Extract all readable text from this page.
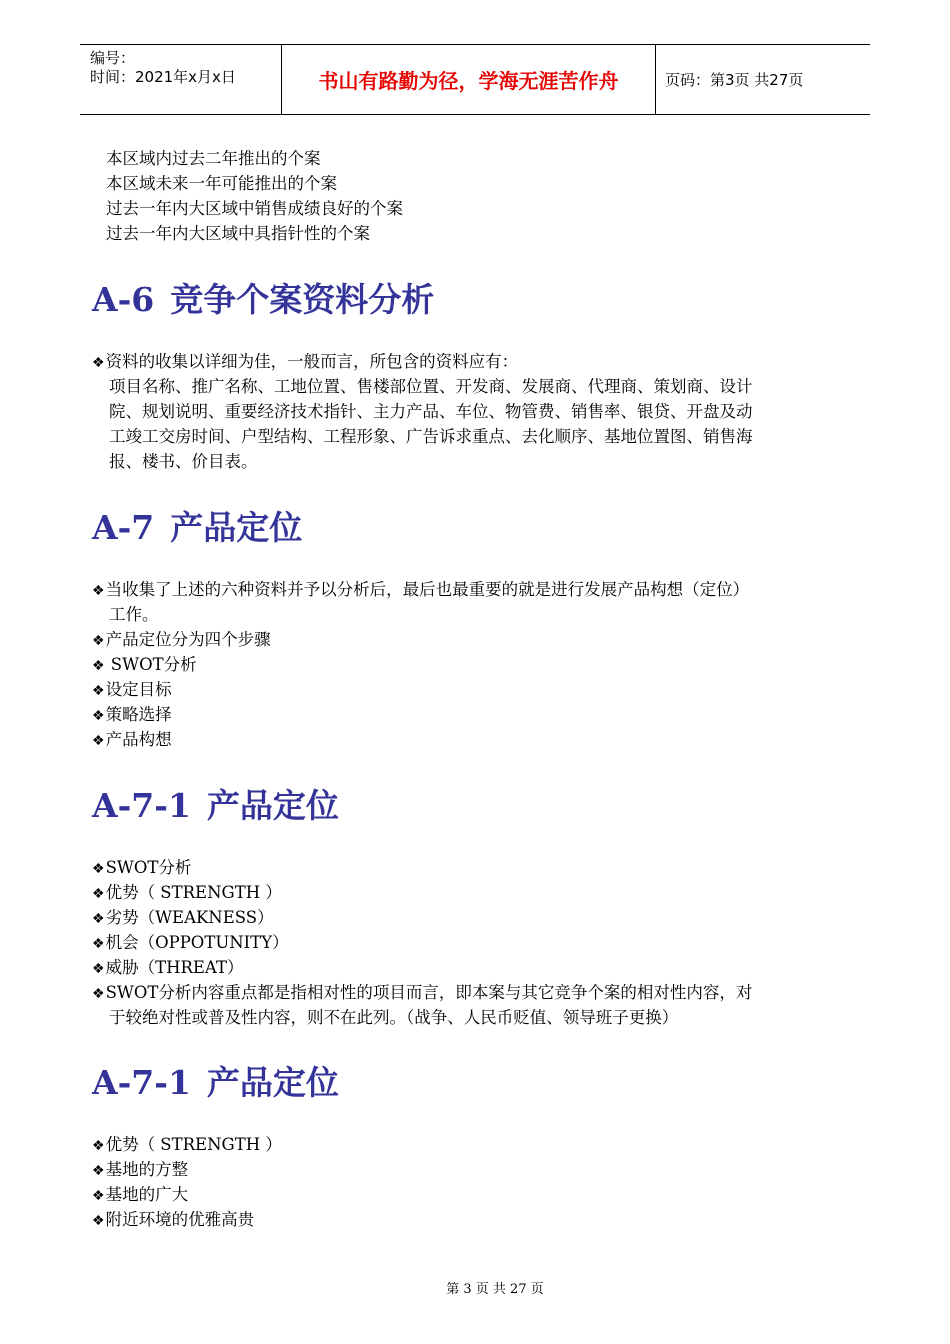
编号：
时间：2021年x月x日	书山有路勤为径，学海无涯苦作舟	页码：第3页 共27页
本区域内过去二年推出的个案
本区域未来一年可能推出的个案
过去一年内大区域中销售成绩良好的个案
过去一年内大区域中具指针性的个案
A-6 竞争个案资料分析
❖资料的收集以详细为佳，一般而言，所包含的资料应有：
项目名称、推广名称、工地位置、售楼部位置、开发商、发展商、代理商、策划商、设计
院、规划说明、重要经济技术指针、主力产品、车位、物管费、销售率、银贷、开盘及动
工竣工交房时间、户型结构、工程形象、广告诉求重点、去化顺序、基地位置图、销售海
报、楼书、价目表。
A-7 产品定位
❖当收集了上述的六种资料并予以分析后，最后也最重要的就是进行发展产品构想（定位）
工作。
❖产品定位分为四个步骤
❖ SWOT分析
❖设定目标
❖策略选择
❖产品构想
A-7-1 产品定位
❖SWOT分析
❖优势（ STRENGTH ）
❖劣势（WEAKNESS）
❖机会（OPPOTUNITY）
❖威胁（THREAT）
❖SWOT分析内容重点都是指相对性的项目而言，即本案与其它竞争个案的相对性内容，对
于较绝对性或普及性内容，则不在此列。（战争、人民币贬值、领导班子更换）
A-7-1 产品定位
❖优势（ STRENGTH ）
❖基地的方整
❖基地的广大
❖附近环境的优雅高贵
第 3 页 共 27 页
